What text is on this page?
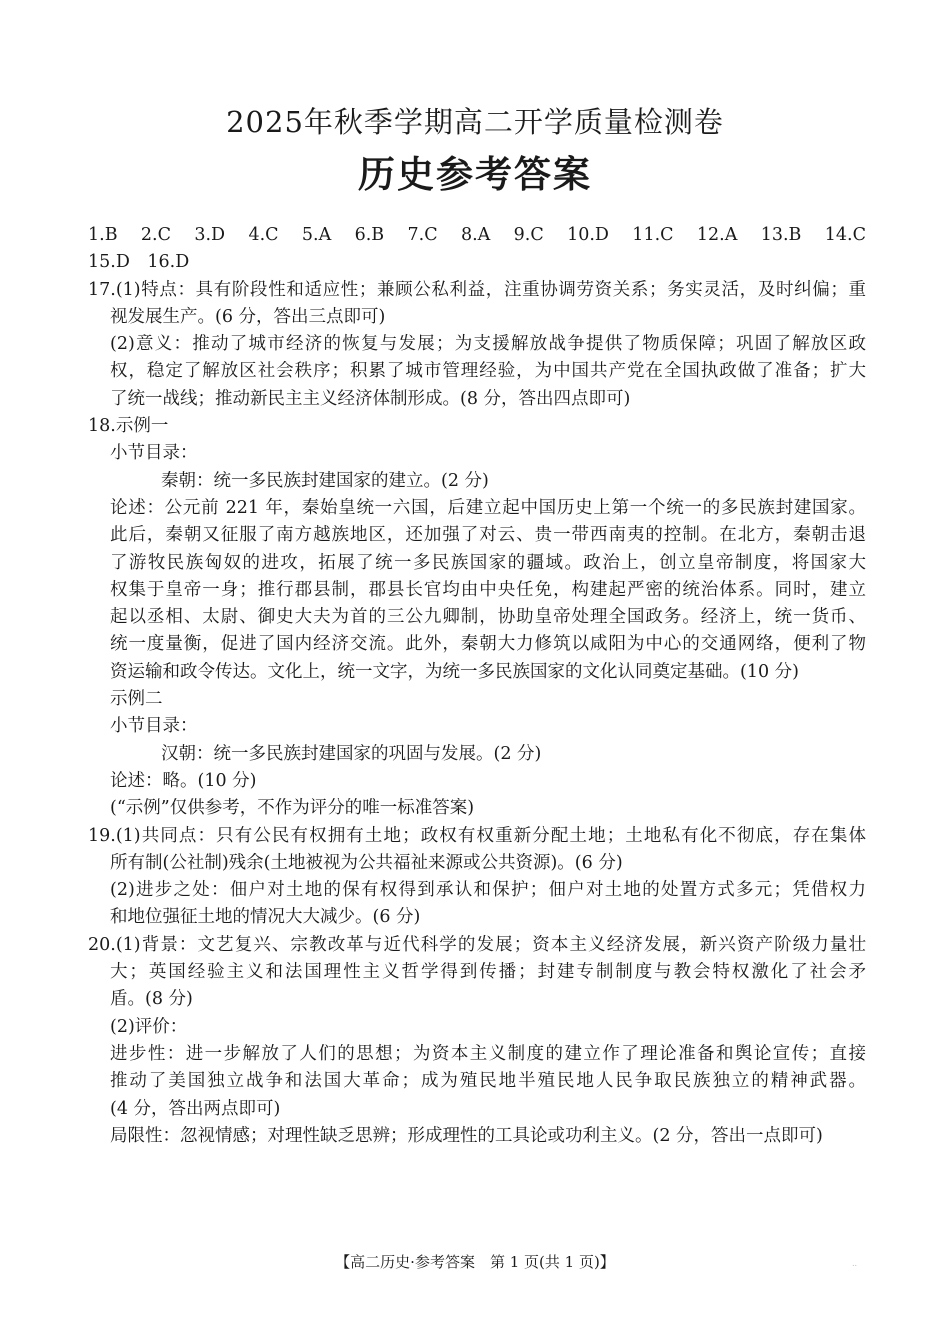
2025年秋季学期高二开学质量检测卷
历史参考答案
1.B　2.C　3.D　4.C　5.A　6.B　7.C　8.A　9.C　10.D　11.C　12.A　13.B　14.C
15.D　16.D
17.(1)特点：具有阶段性和适应性；兼顾公私利益，注重协调劳资关系；务实灵活，及时纠偏；重
视发展生产。(6 分，答出三点即可)
(2)意义：推动了城市经济的恢复与发展；为支援解放战争提供了物质保障；巩固了解放区政
权，稳定了解放区社会秩序；积累了城市管理经验，为中国共产党在全国执政做了准备；扩大
了统一战线；推动新民主主义经济体制形成。(8 分，答出四点即可)
18.示例一
小节目录：
秦朝：统一多民族封建国家的建立。(2 分)
论述：公元前 221 年，秦始皇统一六国，后建立起中国历史上第一个统一的多民族封建国家。
此后，秦朝又征服了南方越族地区，还加强了对云、贵一带西南夷的控制。在北方，秦朝击退
了游牧民族匈奴的进攻，拓展了统一多民族国家的疆域。政治上，创立皇帝制度，将国家大
权集于皇帝一身；推行郡县制，郡县长官均由中央任免，构建起严密的统治体系。同时，建立
起以丞相、太尉、御史大夫为首的三公九卿制，协助皇帝处理全国政务。经济上，统一货币、
统一度量衡，促进了国内经济交流。此外，秦朝大力修筑以咸阳为中心的交通网络，便利了物
资运输和政令传达。文化上，统一文字，为统一多民族国家的文化认同奠定基础。(10 分)
示例二
小节目录：
汉朝：统一多民族封建国家的巩固与发展。(2 分)
论述：略。(10 分)
(“示例”仅供参考，不作为评分的唯一标准答案)
19.(1)共同点：只有公民有权拥有土地；政权有权重新分配土地；土地私有化不彻底，存在集体
所有制(公社制)残余(土地被视为公共福祉来源或公共资源)。(6 分)
(2)进步之处：佃户对土地的保有权得到承认和保护；佃户对土地的处置方式多元；凭借权力
和地位强征土地的情况大大减少。(6 分)
20.(1)背景：文艺复兴、宗教改革与近代科学的发展；资本主义经济发展，新兴资产阶级力量壮
大；英国经验主义和法国理性主义哲学得到传播；封建专制制度与教会特权激化了社会矛
盾。(8 分)
(2)评价：
进步性：进一步解放了人们的思想；为资本主义制度的建立作了理论准备和舆论宣传；直接
推动了美国独立战争和法国大革命；成为殖民地半殖民地人民争取民族独立的精神武器。
(4 分，答出两点即可)
局限性：忽视情感；对理性缺乏思辨；形成理性的工具论或功利主义。(2 分，答出一点即可)
【高二历史·参考答案　第 1 页(共 1 页)】	..
